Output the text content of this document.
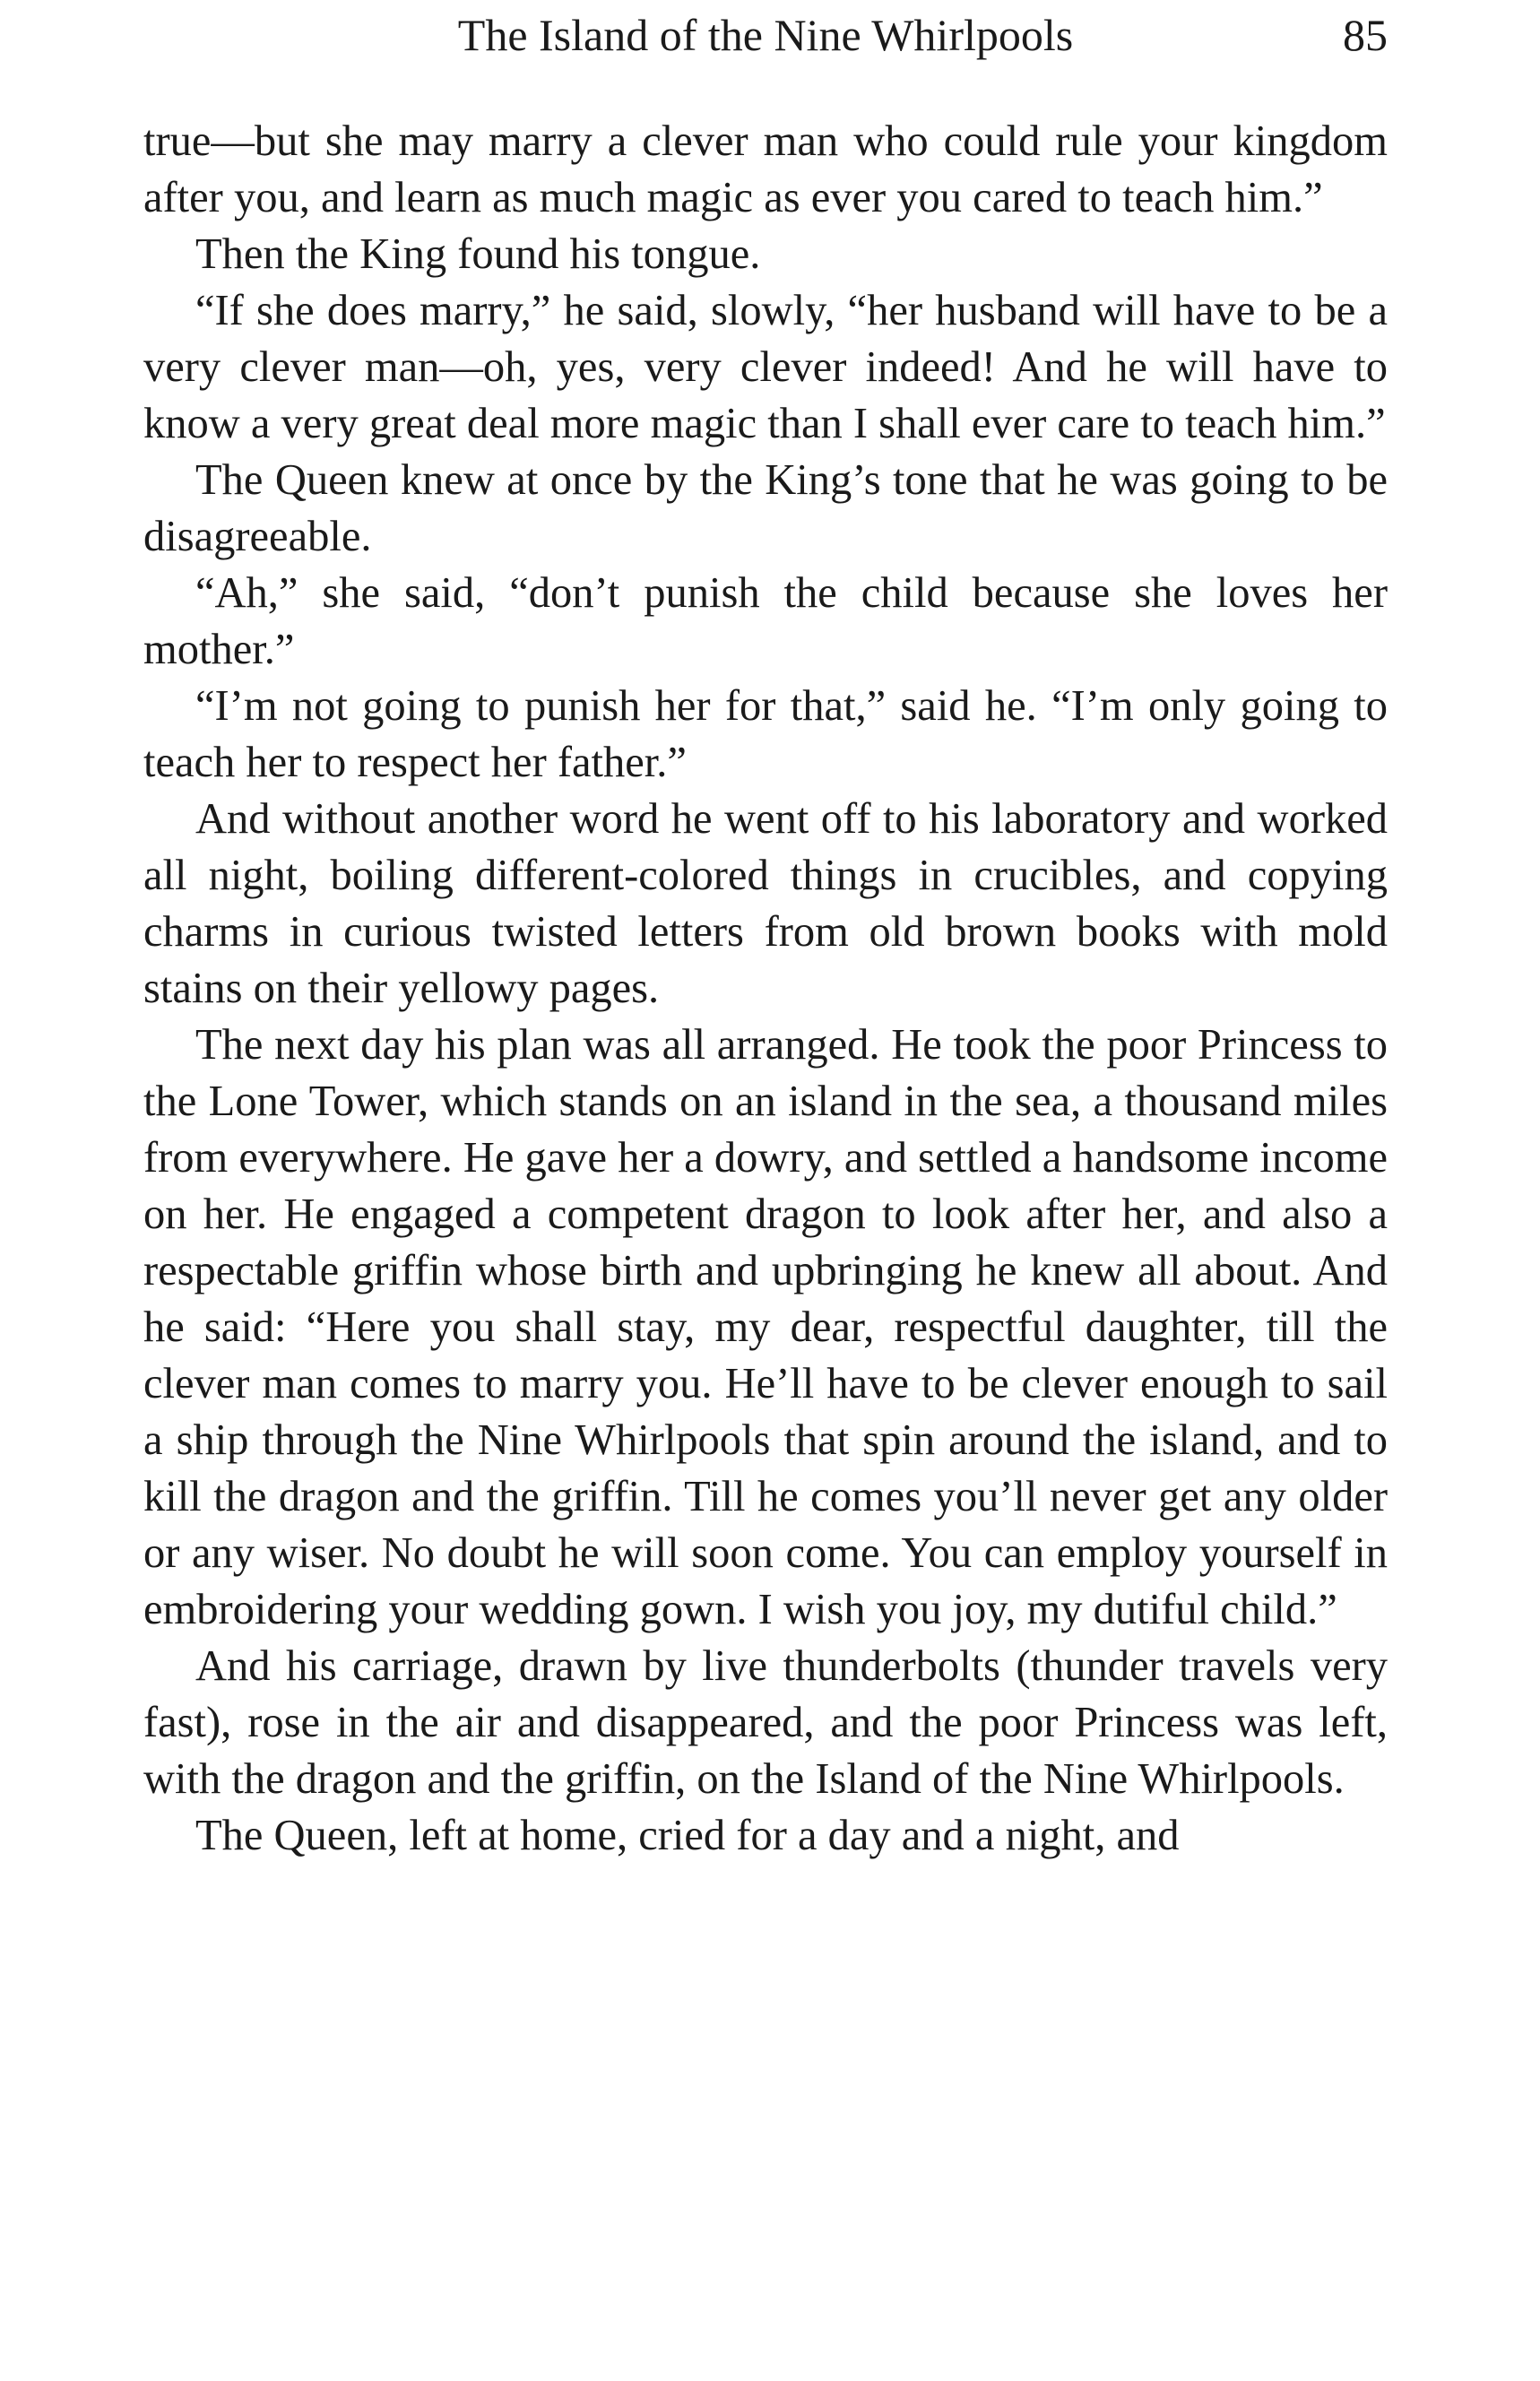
The Island of the Nine Whirlpools	85

true—but she may marry a clever man who could rule your kingdom after you, and learn as much magic as ever you cared to teach him.”

Then the King found his tongue.

“If she does marry,” he said, slowly, “her husband will have to be a very clever man—oh, yes, very clever indeed! And he will have to know a very great deal more magic than I shall ever care to teach him.”

The Queen knew at once by the King’s tone that he was going to be disagreeable.

“Ah,” she said, “don’t punish the child because she loves her mother.”

“I’m not going to punish her for that,” said he. “I’m only going to teach her to respect her father.”

And without another word he went off to his laboratory and worked all night, boiling different-colored things in crucibles, and copying charms in curious twisted letters from old brown books with mold stains on their yellowy pages.

The next day his plan was all arranged. He took the poor Princess to the Lone Tower, which stands on an island in the sea, a thousand miles from everywhere. He gave her a dowry, and settled a handsome income on her. He engaged a competent dragon to look after her, and also a respectable griffin whose birth and upbringing he knew all about. And he said: “Here you shall stay, my dear, respectful daughter, till the clever man comes to marry you. He’ll have to be clever enough to sail a ship through the Nine Whirlpools that spin around the island, and to kill the dragon and the griffin. Till he comes you’ll never get any older or any wiser. No doubt he will soon come. You can employ yourself in embroidering your wedding gown. I wish you joy, my dutiful child.”

And his carriage, drawn by live thunderbolts (thunder travels very fast), rose in the air and disappeared, and the poor Princess was left, with the dragon and the griffin, on the Island of the Nine Whirlpools.

The Queen, left at home, cried for a day and a night, and
